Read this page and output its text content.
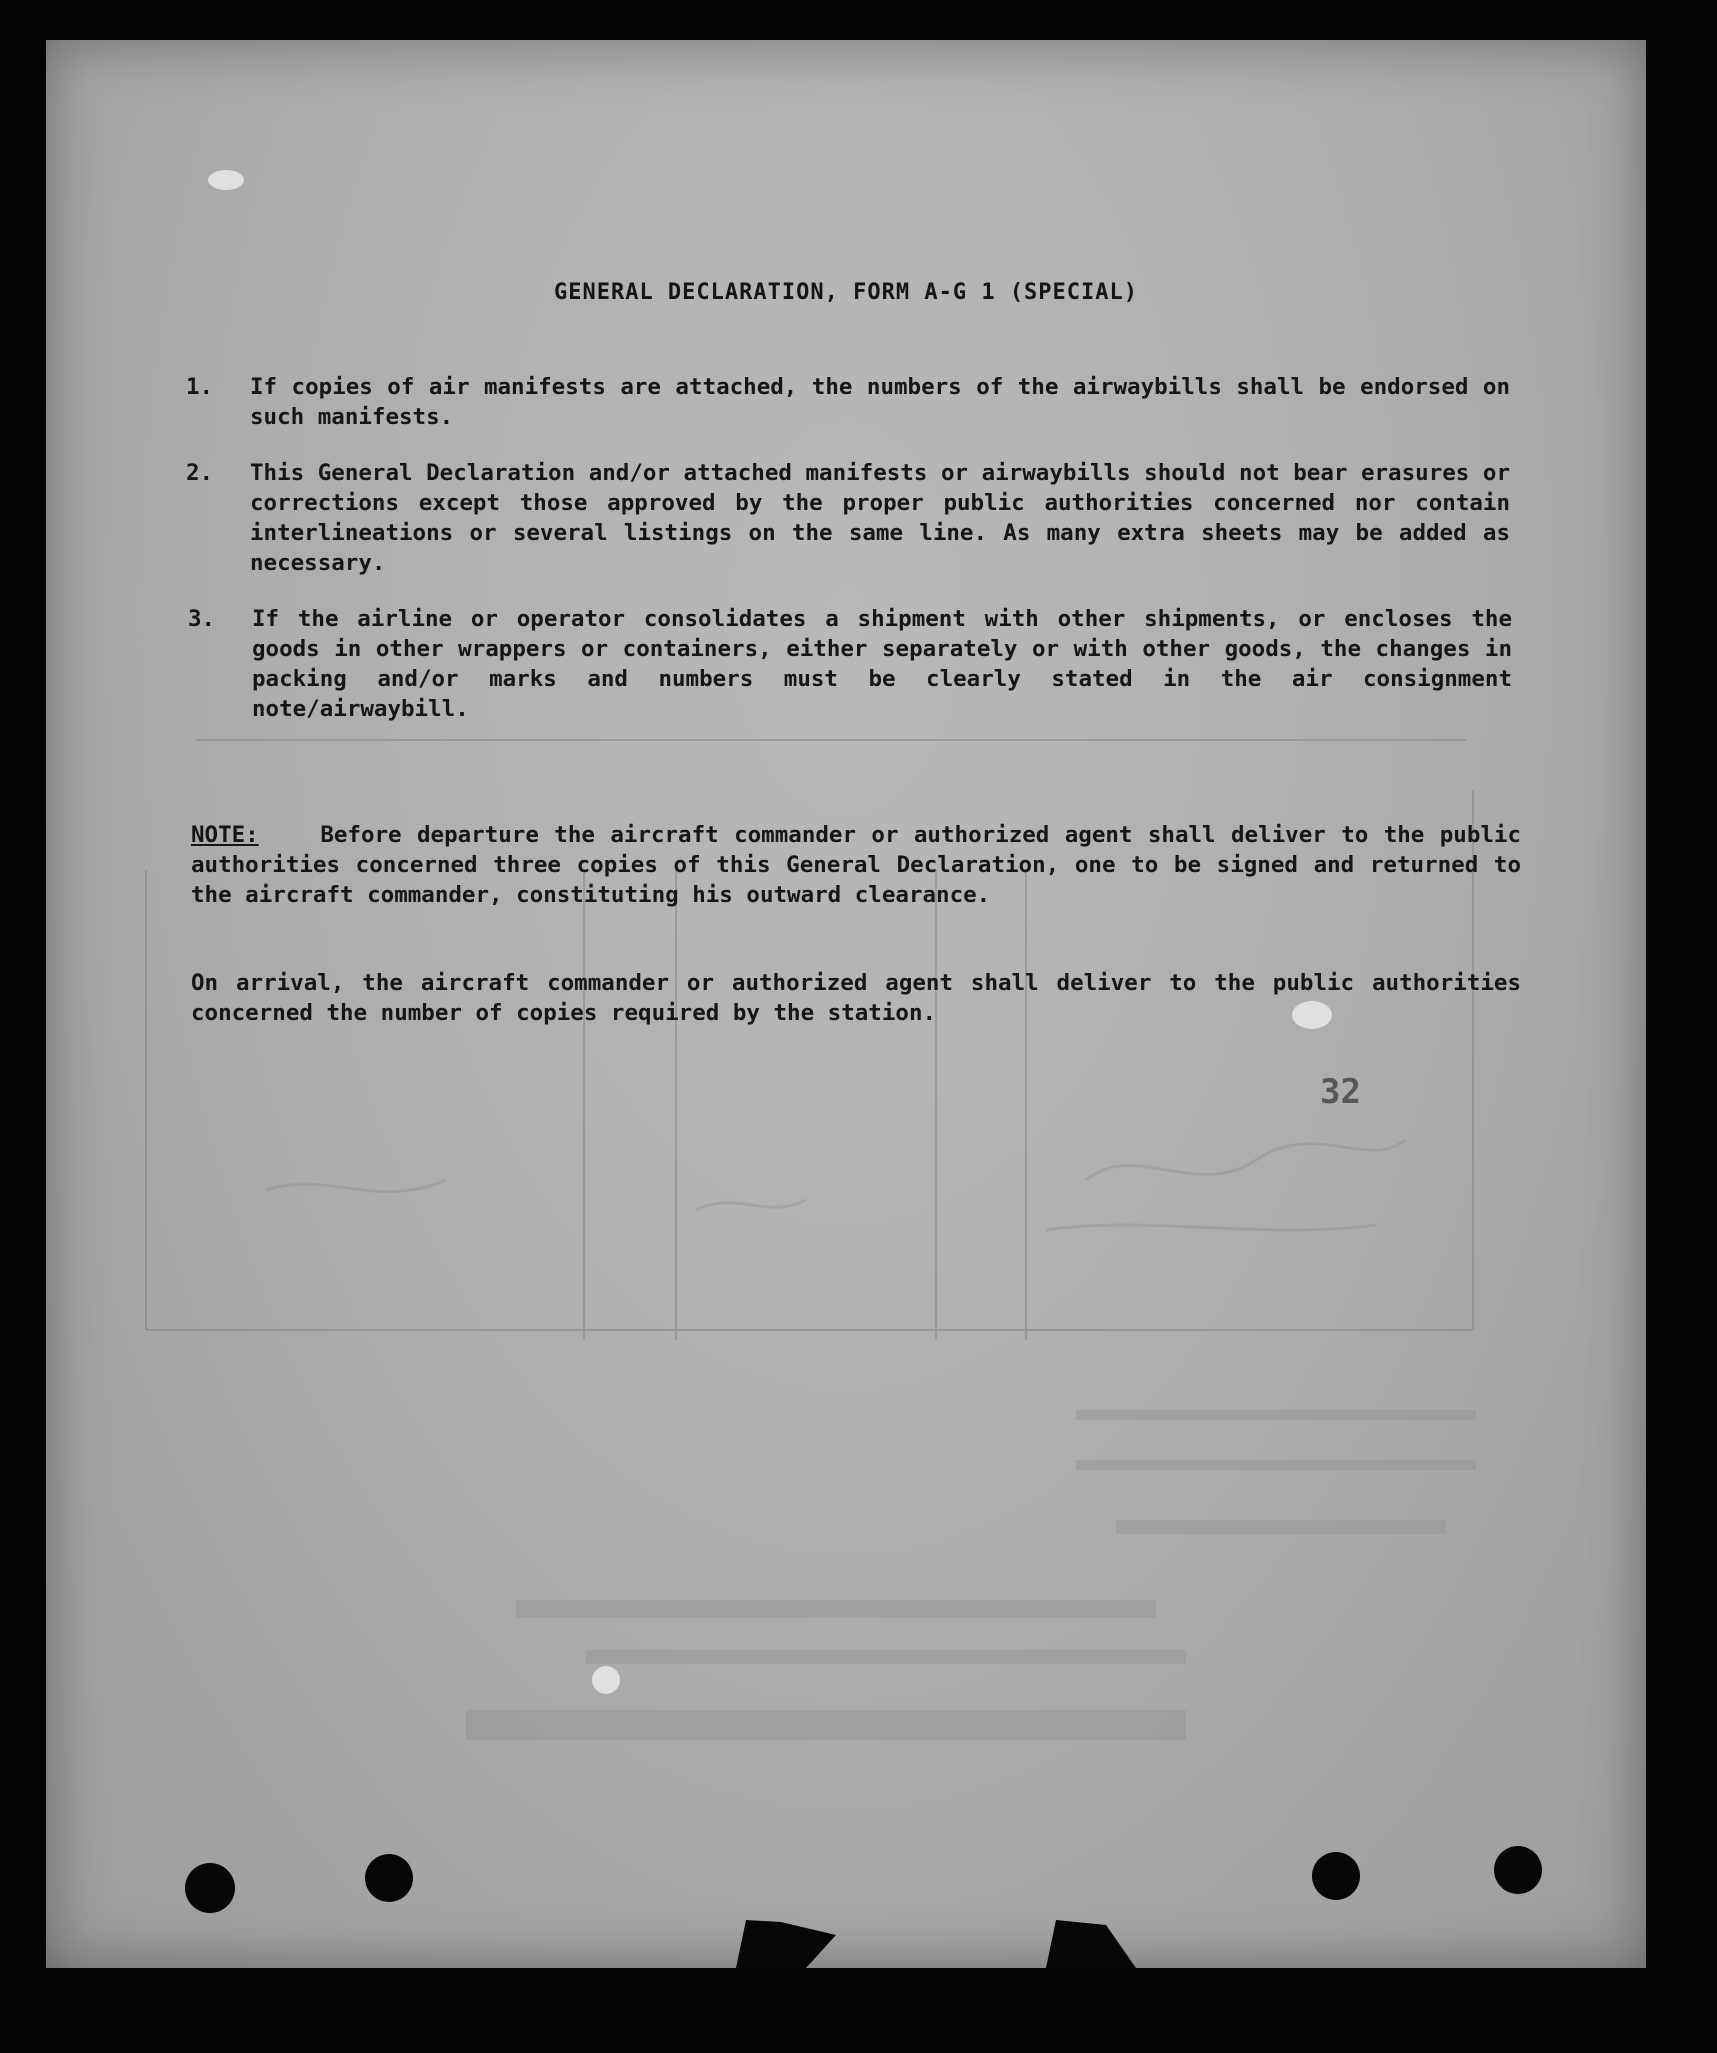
GENERAL DECLARATION, FORM A-G 1 (SPECIAL)
1. If copies of air manifests are attached, the numbers of the airwaybills shall be endorsed on such manifests.
2. This General Declaration and/or attached manifests or airwaybills should not bear erasures or corrections except those approved by the proper public authorities concerned nor contain interlineations or several listings on the same line. As many extra sheets may be added as necessary.
3. If the airline or operator consolidates a shipment with other shipments, or encloses the goods in other wrappers or containers, either separately or with other goods, the changes in packing and/or marks and numbers must be clearly stated in the air consignment note/airwaybill.
NOTE:	Before departure the aircraft commander or authorized agent shall deliver to the public authorities concerned three copies of this General Declaration, one to be signed and returned to the aircraft commander, constituting his outward clearance.
On arrival, the aircraft commander or authorized agent shall deliver to the public authorities concerned the number of copies required by the station.
32
